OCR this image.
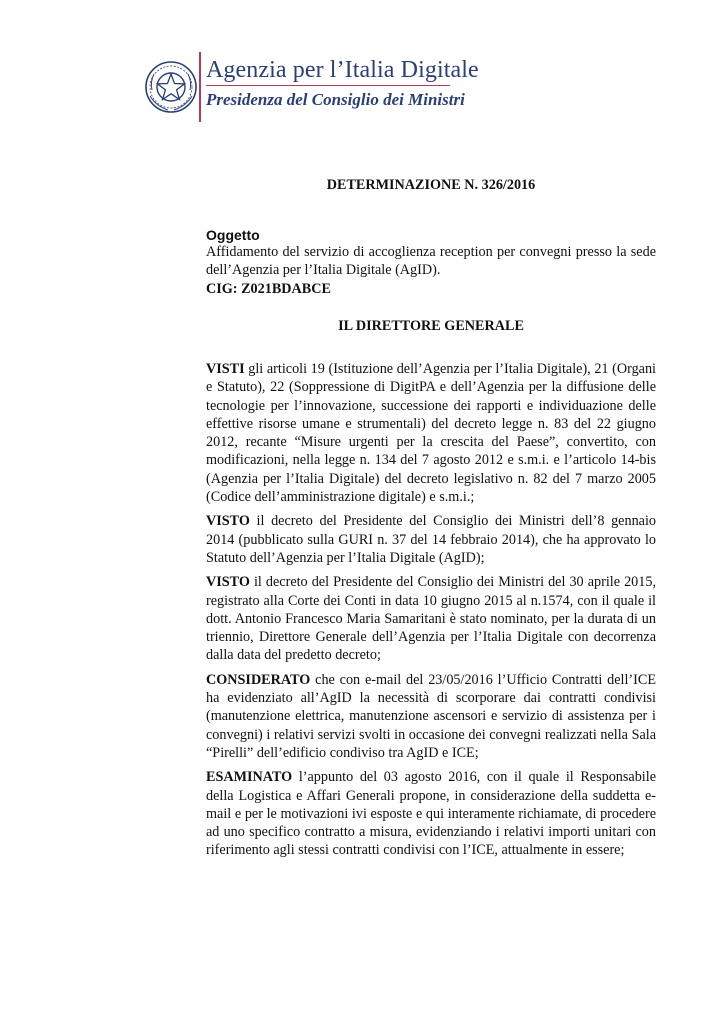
Agenzia per l’Italia Digitale
Presidenza del Consiglio dei Ministri
DETERMINAZIONE N. 326/2016
Oggetto
Affidamento del servizio di accoglienza reception per convegni presso la sede dell’Agenzia per l’Italia Digitale (AgID).
CIG: Z021BDABCE
IL DIRETTORE GENERALE

VISTI gli articoli 19 (Istituzione dell’Agenzia per l’Italia Digitale), 21 (Organi e Statuto), 22 (Soppressione di DigitPA e dell’Agenzia per la diffusione delle tecnologie per l’innovazione, successione dei rapporti e individuazione delle effettive risorse umane e strumentali) del decreto legge n. 83 del 22 giugno 2012, recante “Misure urgenti per la crescita del Paese”, convertito, con modificazioni, nella legge n. 134 del 7 agosto 2012 e s.m.i. e l’articolo 14-bis (Agenzia per l’Italia Digitale) del decreto legislativo n. 82 del 7 marzo 2005 (Codice dell’amministrazione digitale) e s.m.i.;

VISTO il decreto del Presidente del Consiglio dei Ministri dell’8 gennaio 2014 (pubblicato sulla GURI n. 37 del 14 febbraio 2014), che ha approvato lo Statuto dell’Agenzia per l’Italia Digitale (AgID);

VISTO il decreto del Presidente del Consiglio dei Ministri del 30 aprile 2015, registrato alla Corte dei Conti in data 10 giugno 2015 al n.1574, con il quale il dott. Antonio Francesco Maria Samaritani è stato nominato, per la durata di un triennio, Direttore Generale dell’Agenzia per l’Italia Digitale con decorrenza dalla data del predetto decreto;

CONSIDERATO che con e-mail del 23/05/2016 l’Ufficio Contratti dell’ICE ha evidenziato all’AgID la necessità di scorporare dai contratti condivisi (manutenzione elettrica, manutenzione ascensori e servizio di assistenza per i convegni) i relativi servizi svolti in occasione dei convegni realizzati nella Sala “Pirelli” dell’edificio condiviso tra AgID e ICE;

ESAMINATO l’appunto del 03 agosto 2016, con il quale il Responsabile della Logistica e Affari Generali propone, in considerazione della suddetta e-mail e per le motivazioni ivi esposte e qui interamente richiamate, di procedere ad uno specifico contratto a misura, evidenziando i relativi importi unitari con riferimento agli stessi contratti condivisi con l’ICE, attualmente in essere;
